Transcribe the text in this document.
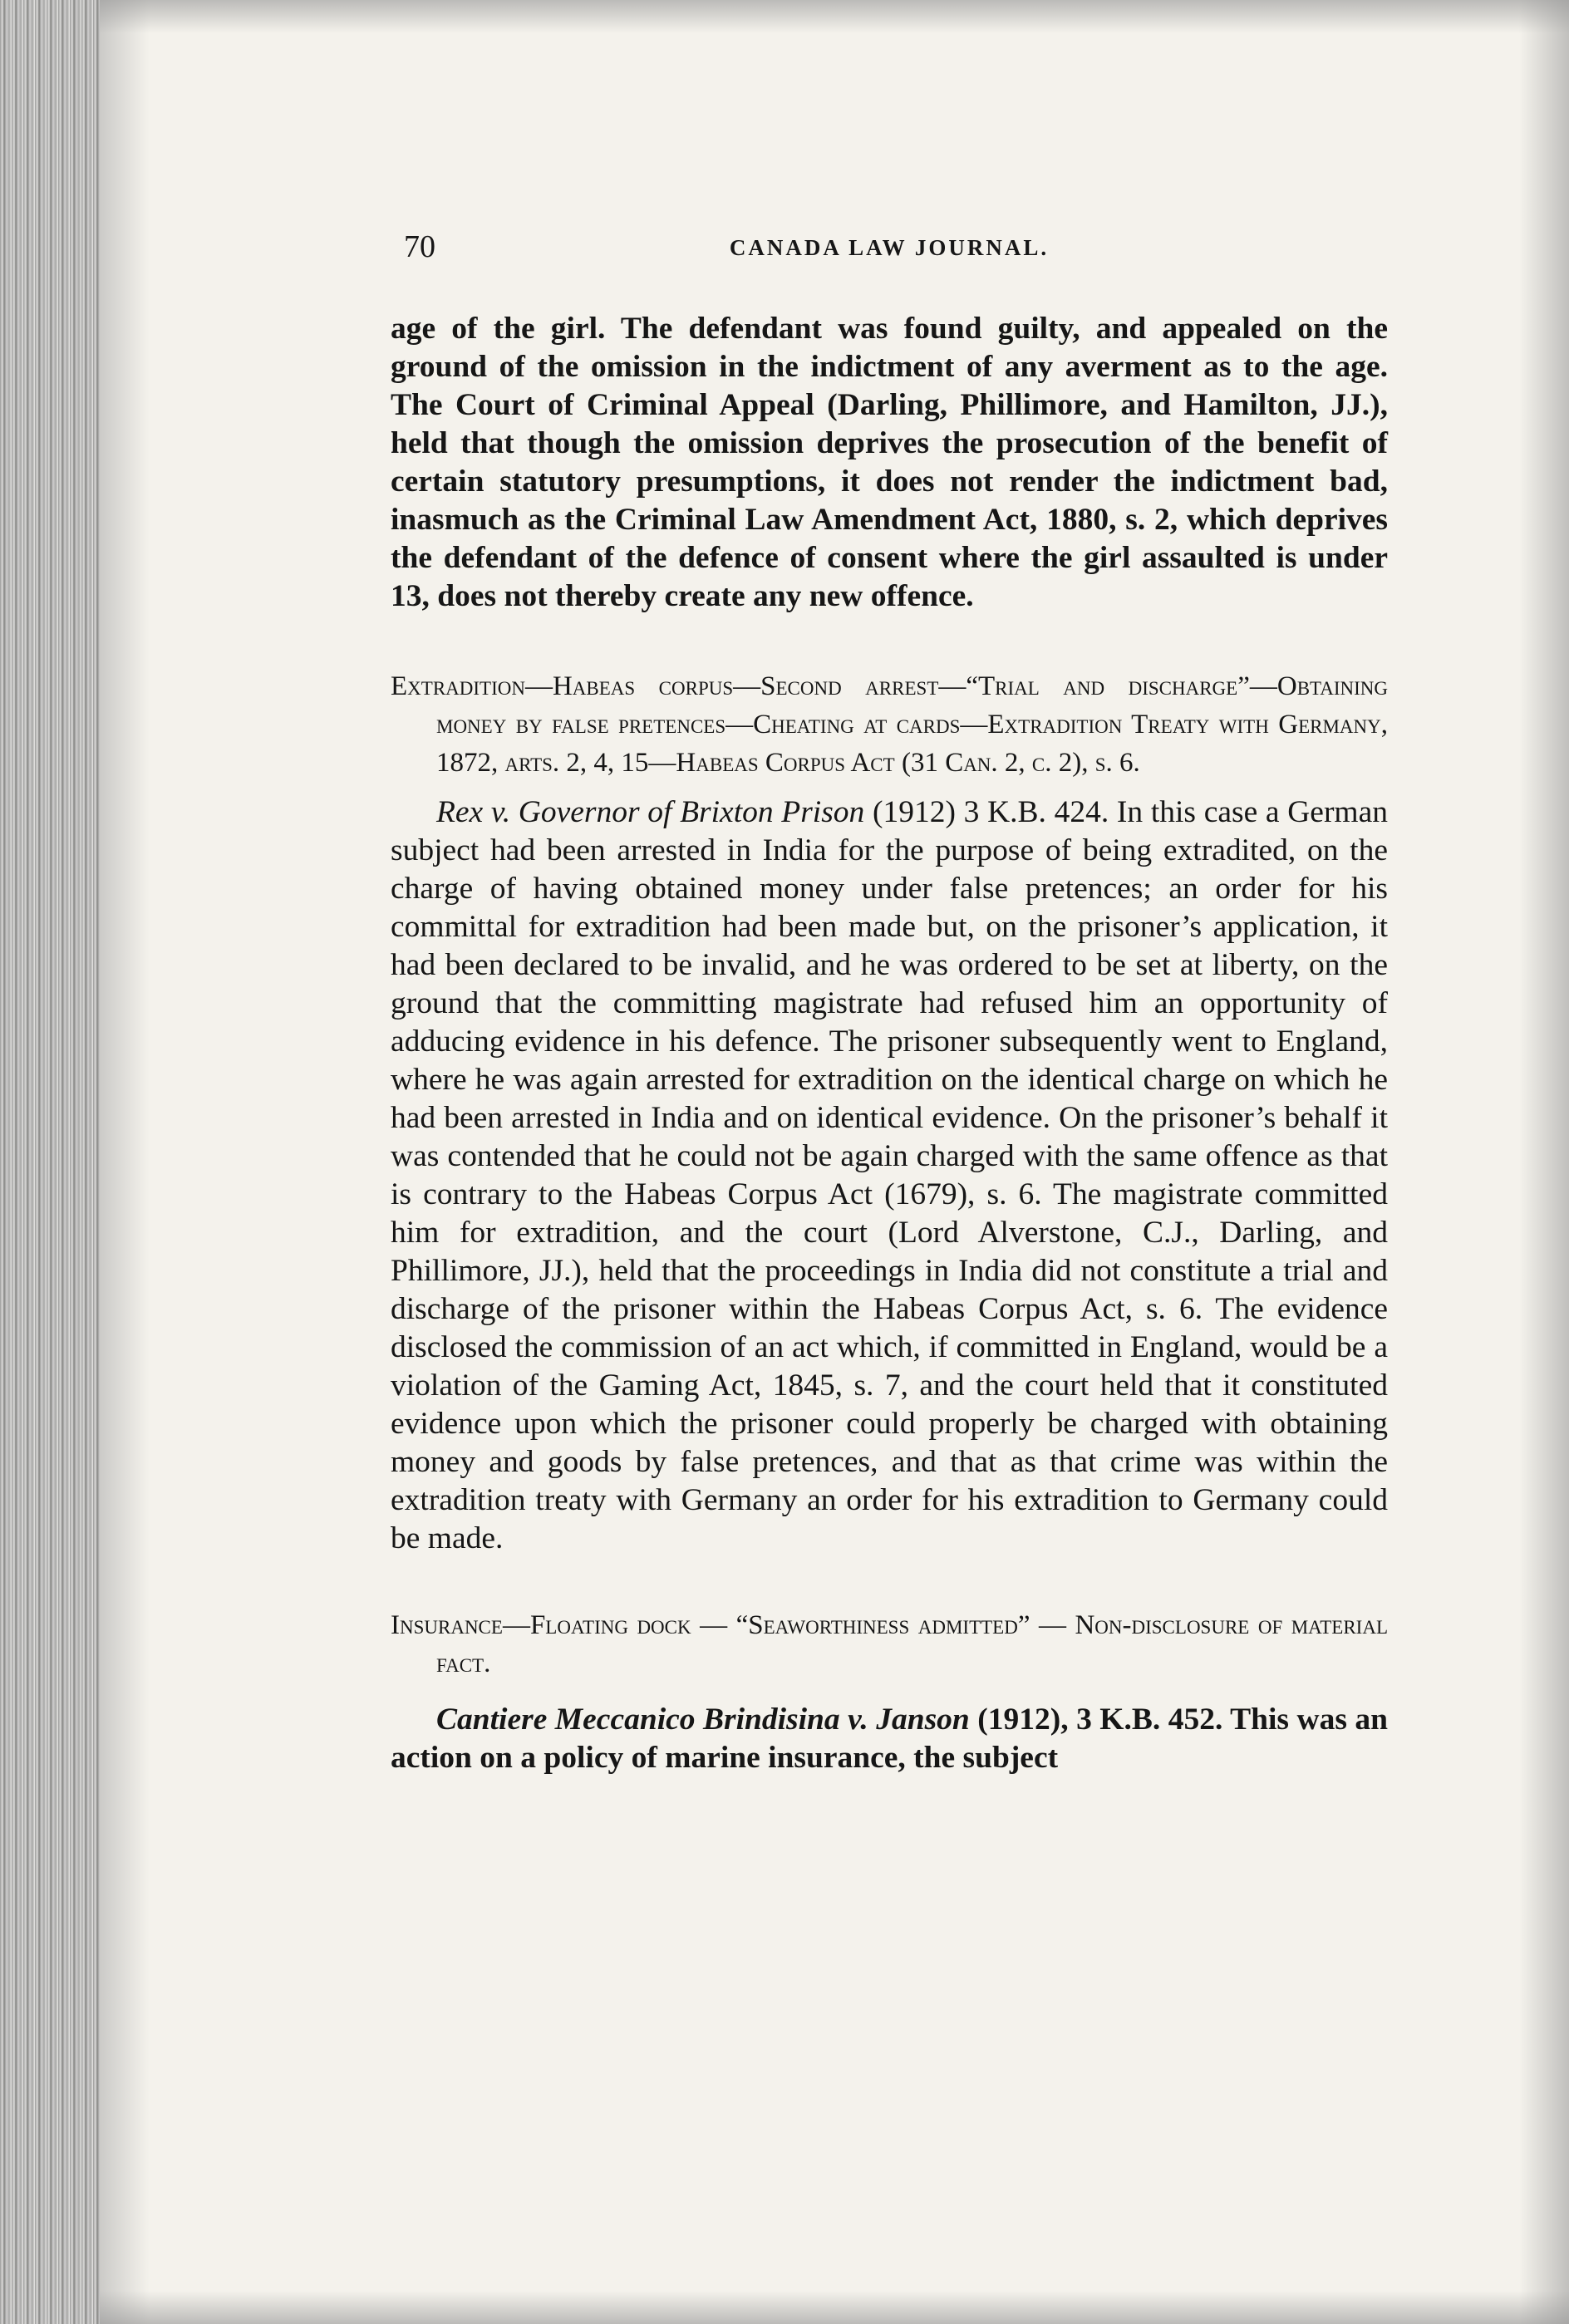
70	CANADA LAW JOURNAL.

age of the girl. The defendant was found guilty, and appealed on the ground of the omission in the indictment of any averment as to the age. The Court of Criminal Appeal (Darling, Phillimore, and Hamilton, JJ.), held that though the omission deprives the prosecution of the benefit of certain statutory presumptions, it does not render the indictment bad, inasmuch as the Criminal Law Amendment Act, 1880, s. 2, which deprives the defendant of the defence of consent where the girl assaulted is under 13, does not thereby create any new offence.

Extradition—Habeas corpus—Second arrest—“Trial and discharge”—Obtaining money by false pretences—Cheating at cards—Extradition Treaty with Germany, 1872, arts. 2, 4, 15—Habeas Corpus Act (31 Can. 2, c. 2), s. 6.

Rex v. Governor of Brixton Prison (1912) 3 K.B. 424. In this case a German subject had been arrested in India for the purpose of being extradited, on the charge of having obtained money under false pretences; an order for his committal for extradition had been made but, on the prisoner’s application, it had been declared to be invalid, and he was ordered to be set at liberty, on the ground that the committing magistrate had refused him an opportunity of adducing evidence in his defence. The prisoner subsequently went to England, where he was again arrested for extradition on the identical charge on which he had been arrested in India and on identical evidence. On the prisoner’s behalf it was contended that he could not be again charged with the same offence as that is contrary to the Habeas Corpus Act (1679), s. 6. The magistrate committed him for extradition, and the court (Lord Alverstone, C.J., Darling, and Phillimore, JJ.), held that the proceedings in India did not constitute a trial and discharge of the prisoner within the Habeas Corpus Act, s. 6. The evidence disclosed the commission of an act which, if committed in England, would be a violation of the Gaming Act, 1845, s. 7, and the court held that it constituted evidence upon which the prisoner could properly be charged with obtaining money and goods by false pretences, and that as that crime was within the extradition treaty with Germany an order for his extradition to Germany could be made.

Insurance—Floating dock — “Seaworthiness admitted” — Non-disclosure of material fact.

Cantiere Meccanico Brindisina v. Janson (1912), 3 K.B. 452. This was an action on a policy of marine insurance, the subject
